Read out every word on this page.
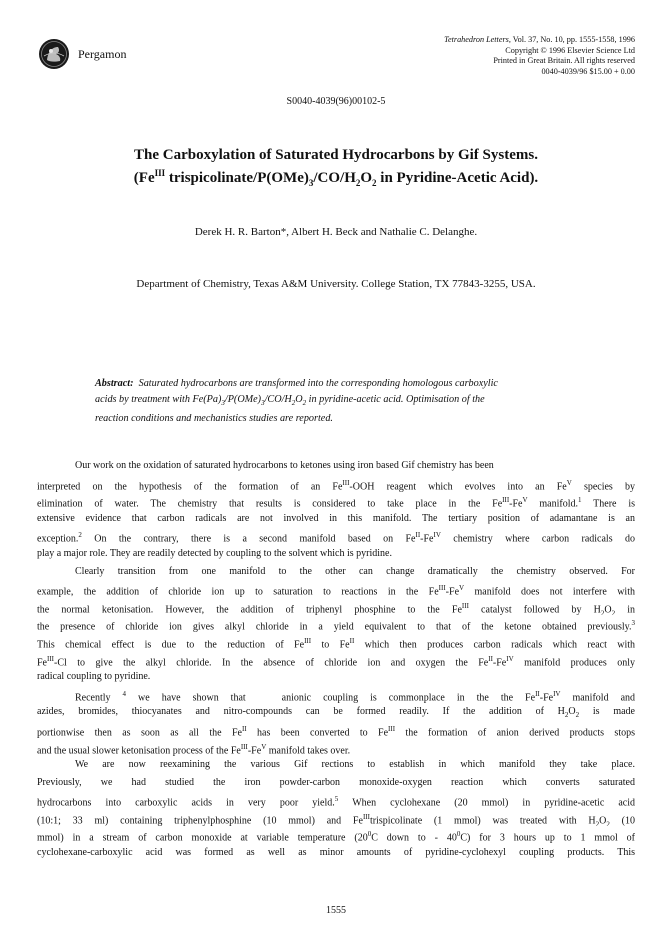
Pergamon
Tetrahedron Letters, Vol. 37, No. 10, pp. 1555-1558, 1996
Copyright © 1996 Elsevier Science Ltd
Printed in Great Britain. All rights reserved
0040-4039/96 $15.00 + 0.00
S0040-4039(96)00102-5
The Carboxylation of Saturated Hydrocarbons by Gif Systems.
($Fe^{III}$ trispicolinate/$P(OMe)_3/CO/H_2O_2$ in Pyridine-Acetic Acid).
Derek H. R. Barton*, Albert H. Beck and Nathalie C. Delanghe.
Department of Chemistry, Texas A&M University. College Station, TX 77843-3255, USA.
Abstract: Saturated hydrocarbons are transformed into the corresponding homologous carboxylic
acids by treatment with $Fe(Pa)_3/P(OMe)_3/CO/H_2O_2$ in pyridine-acetic acid. Optimisation of the
reaction conditions and mechanistics studies are reported.
Our work on the oxidation of saturated hydrocarbons to ketones using iron based Gif chemistry has been
interpreted on the hypothesis of the formation of an $Fe^{III}$-OOH reagent which evolves into an $Fe^V$ species by
elimination of water. The chemistry that results is considered to take place in the $Fe^{III}-Fe^V$ manifold.$^1$ There is
extensive evidence that carbon radicals are not involved in this manifold. The tertiary position of adamantane is an
exception.$^2$ On the contrary, there is a second manifold based on $Fe^{II}-Fe^{IV}$ chemistry where carbon radicals do
play a major role. They are readily detected by coupling to the solvent which is pyridine.
Clearly transition from one manifold to the other can change dramatically the chemistry observed. For
example, the addition of chloride ion up to saturation to reactions in the $Fe^{III}-Fe^V$ manifold does not interfere with
the normal ketonisation. However, the addition of triphenyl phosphine to the $Fe^{III}$ catalyst followed by $H_2O_2$ in
the presence of chloride ion gives alkyl chloride in a yield equivalent to that of the ketone obtained previously.$^3$
This chemical effect is due to the reduction of $Fe^{III}$ to $Fe^{II}$ which then produces carbon radicals which react with
$Fe^{III}-Cl$ to give the alkyl chloride. In the absence of chloride ion and oxygen the $Fe^{II}-Fe^{IV}$ manifold produces only
radical coupling to pyridine.
Recently $^4$ we have shown that   anionic coupling is commonplace in the the $Fe^{II}-Fe^{IV}$ manifold and
azides, bromides, thiocyanates and nitro-compounds can be formed readily. If the addition of $H_2O_2$ is made
portionwise then as soon as all the $Fe^{II}$ has been converted to $Fe^{III}$ the formation of anion derived products stops
and the usual slower ketonisation process of the $Fe^{III}-Fe^V$ manifold takes over.
We are now reexamining the various Gif rections to establish in which manifold they take place.
Previously, we had studied the iron powder-carbon monoxide-oxygen reaction which converts saturated
hydrocarbons into carboxylic acids in very poor yield.$^5$ When cyclohexane (20 mmol) in pyridine-acetic acid
(10:1; 33 ml) containing triphenylphosphine (10 mmol) and $Fe^{III}trispicolinate$ (1 mmol) was treated with $H_2O_2$ (10
mmol) in a stream of carbon monoxide at variable temperature ($20^0C$ down to - $40^0C$) for 3 hours up to 1 mmol of
cyclohexane-carboxylic acid was formed as well as minor amounts of pyridine-cyclohexyl coupling products. This
1555
